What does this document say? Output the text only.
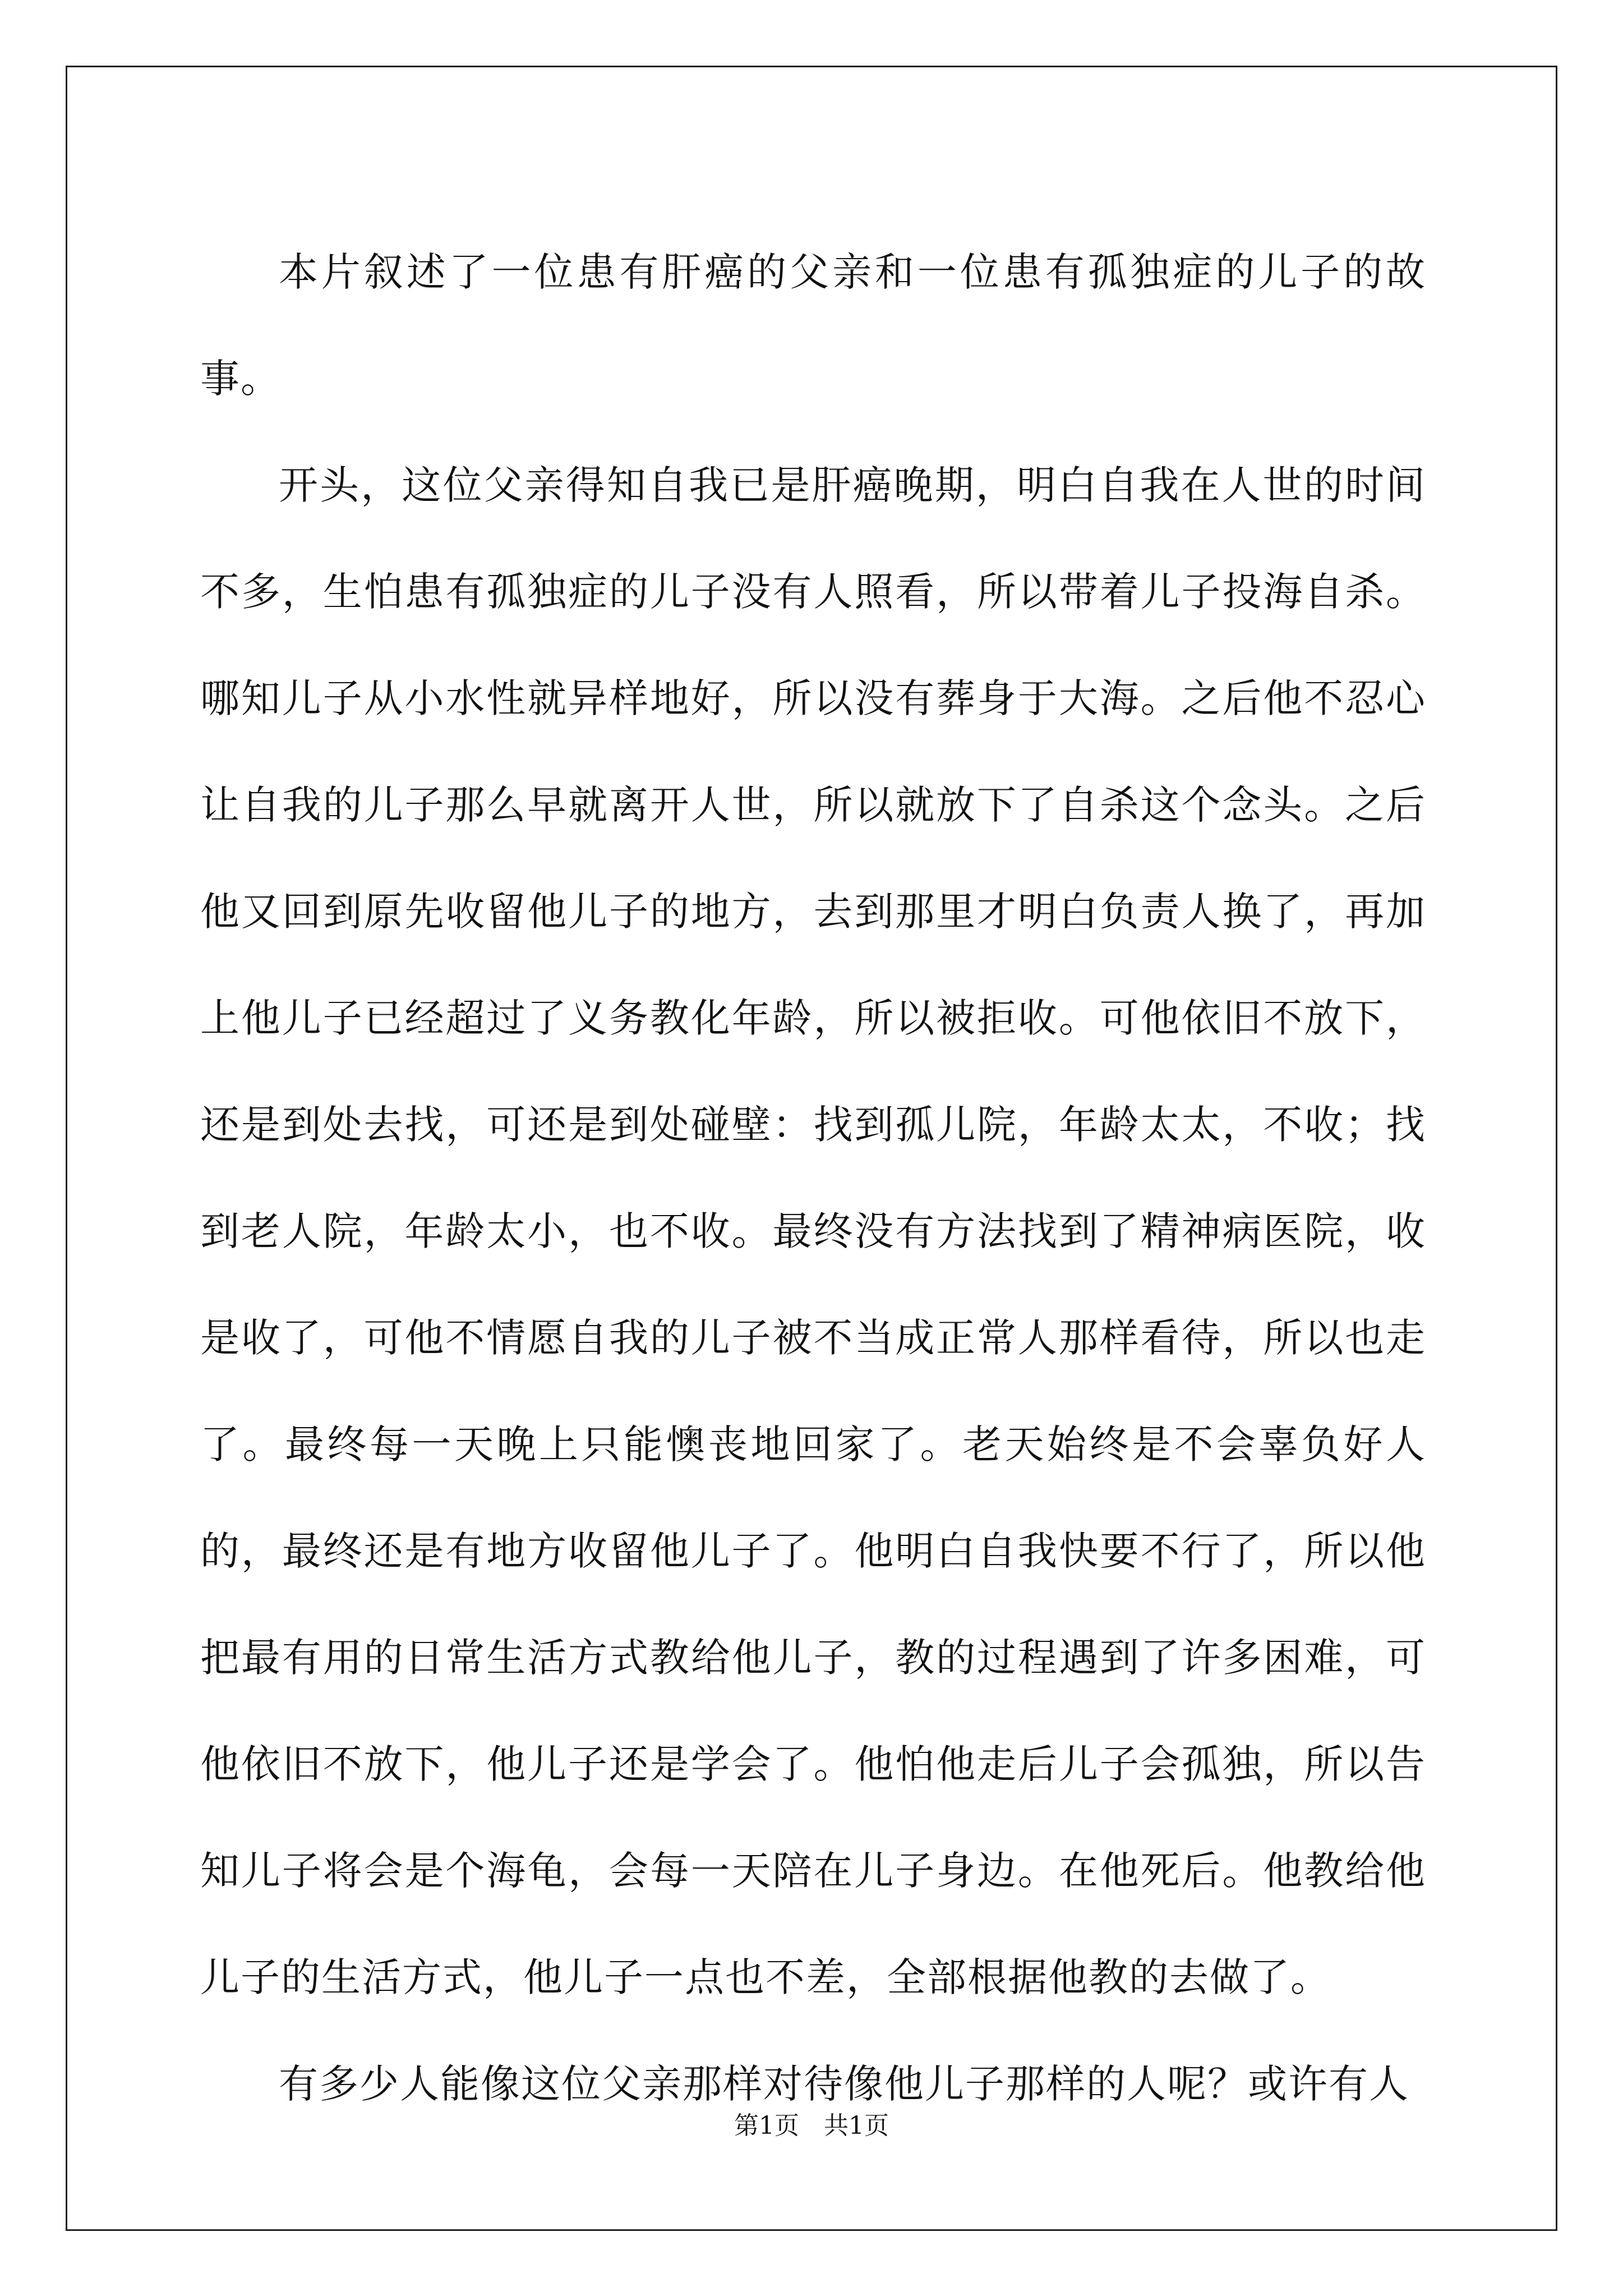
本片叙述了一位患有肝癌的父亲和一位患有孤独症的儿子的故事。

开头，这位父亲得知自我已是肝癌晚期，明白自我在人世的时间不多，生怕患有孤独症的儿子没有人照看，所以带着儿子投海自杀。哪知儿子从小水性就异样地好，所以没有葬身于大海。之后他不忍心让自我的儿子那么早就离开人世，所以就放下了自杀这个念头。之后他又回到原先收留他儿子的地方，去到那里才明白负责人换了，再加上他儿子已经超过了义务教化年龄，所以被拒收。可他依旧不放下，还是到处去找，可还是到处碰壁：找到孤儿院，年龄太太，不收；找到老人院，年龄太小，也不收。最终没有方法找到了精神病医院，收是收了，可他不情愿自我的儿子被不当成正常人那样看待，所以也走了。最终每一天晚上只能懊丧地回家了。老天始终是不会辜负好人的，最终还是有地方收留他儿子了。他明白自我快要不行了，所以他把最有用的日常生活方式教给他儿子，教的过程遇到了许多困难，可他依旧不放下，他儿子还是学会了。他怕他走后儿子会孤独，所以告知儿子将会是个海龟，会每一天陪在儿子身边。在他死后。他教给他儿子的生活方式，他儿子一点也不差，全部根据他教的去做了。

有多少人能像这位父亲那样对待像他儿子那样的人呢？或许有人

第1页　共1页
